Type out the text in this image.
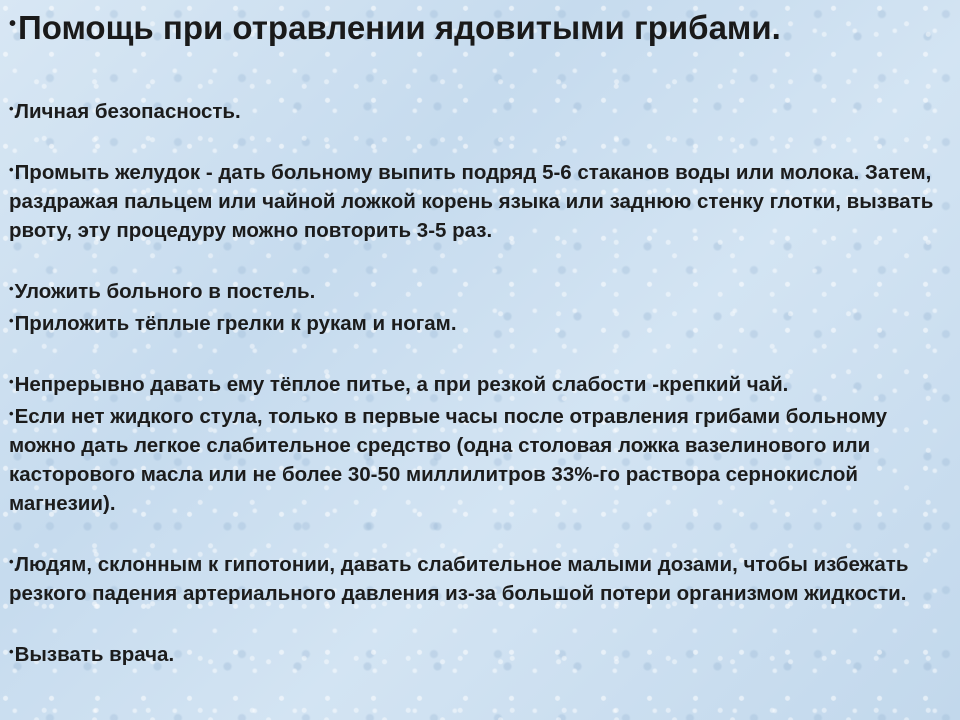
•Помощь при отравлении ядовитыми грибами.

•Личная безопасность.

•Промыть желудок - дать больному выпить подряд 5-6 стаканов воды или молока. Затем, раздражая пальцем или чайной ложкой корень языка или заднюю стенку глотки, вызвать рвоту, эту процедуру можно повторить 3-5 раз.

•Уложить больного в постель.

•Приложить тёплые грелки к рукам и ногам.

•Непрерывно давать ему тёплое питье, а при резкой слабости -крепкий чай.

•Если нет жидкого стула, только в первые часы после отравления грибами больному можно дать легкое слабительное средство (одна столовая ложка вазелинового или касторового масла или не более 30-50 миллилитров 33%-го раствора сернокислой магнезии).

•Людям, склонным к гипотонии, давать слабительное малыми дозами, чтобы избежать резкого падения артериального давления из-за большой потери организмом жидкости.

•Вызвать врача.
